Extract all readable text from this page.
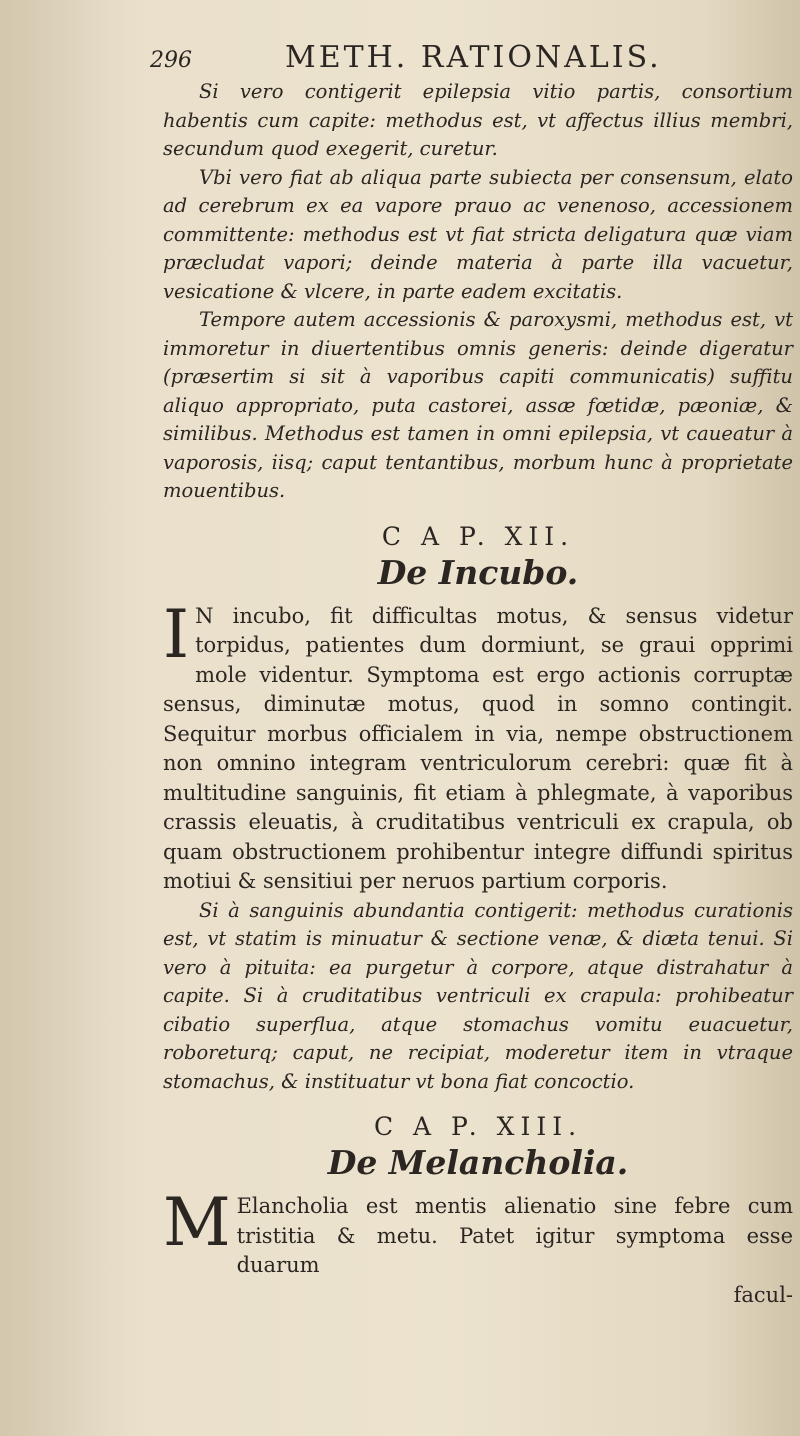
296	METH. RATIONALIS.

Si vero contigerit epilepsia vitio partis, consortium habentis cum capite: methodus est, vt affectus illius membri, secundum quod exegerit, curetur.

Vbi vero fiat ab aliqua parte subiecta per consensum, elato ad cerebrum ex ea vapore prauo ac venenoso, accessionem committente: methodus est vt fiat stricta deligatura quæ viam præcludat vapori; deinde materia à parte illa vacuetur, vesicatione & vlcere, in parte eadem excitatis.

Tempore autem accessionis & paroxysmi, methodus est, vt immoretur in diuertentibus omnis generis: deinde digeratur (præsertim si sit à vaporibus capiti communicatis) suffitu aliquo appropriato, puta castorei, assæ fœtidæ, pæoniæ, & similibus. Methodus est tamen in omni epilepsia, vt caueatur à vaporosis, iisq; caput tentantibus, morbum hunc à proprietate mouentibus.

C A P. XII.
De Incubo.

I N incubo, fit difficultas motus, & sensus videtur torpidus, patientes dum dormiunt, se graui opprimi mole videntur. Symptoma est ergo actionis corruptæ sensus, diminutæ motus, quod in somno contingit. Sequitur morbus officialem in via, nempe obstructionem non omnino integram ventriculorum cerebri: quæ fit à multitudine sanguinis, fit etiam à phlegmate, à vaporibus crassis eleuatis, à cruditatibus ventriculi ex crapula, ob quam obstructionem prohibentur integre diffundi spiritus motiui & sensitiui per neruos partium corporis.

Si à sanguinis abundantia contigerit: methodus curationis est, vt statim is minuatur & sectione venæ, & diæta tenui. Si vero à pituita: ea purgetur à corpore, atque distrahatur à capite. Si à cruditatibus ventriculi ex crapula: prohibeatur cibatio superflua, atque stomachus vomitu euacuetur, roboreturq; caput, ne recipiat, moderetur item in vtraque stomachus, & instituatur vt bona fiat concoctio.

C A P. XIII.
De Melancholia.

M Elancholia est mentis alienatio sine febre cum tristitia & metu. Patet igitur symptoma esse duarum

facul-
